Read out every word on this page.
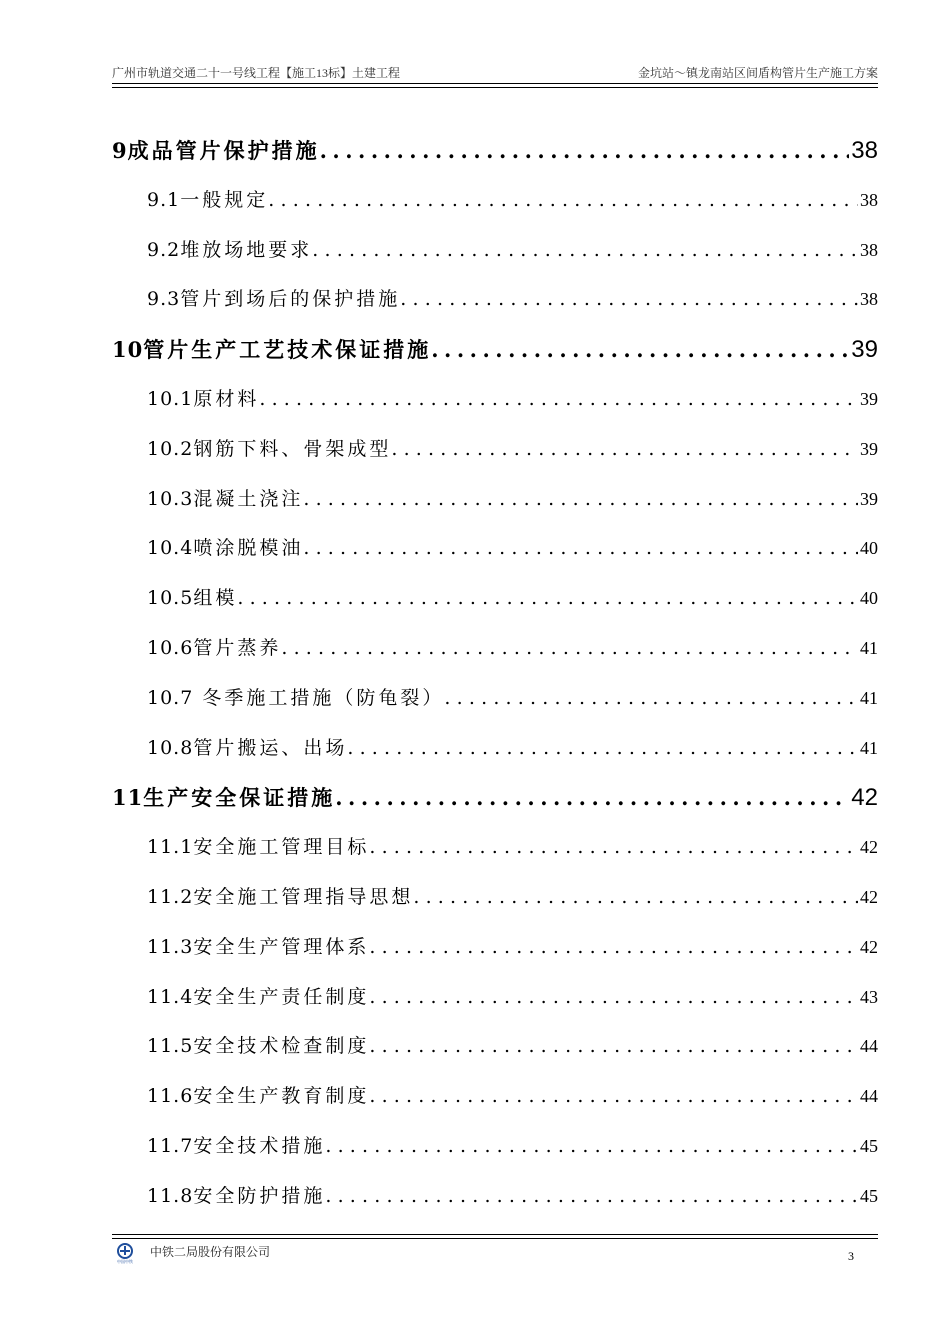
广州市轨道交通二十一号线工程【施工13标】土建工程	金坑站～镇龙南站区间盾构管片生产施工方案
9成品管片保护措施 .....	38
9.1一般规定 .....	38
9.2堆放场地要求 .....	38
9.3管片到场后的保护措施 .....	38
10管片生产工艺技术保证措施 .....	39
10.1原材料 .....	39
10.2钢筋下料、骨架成型 .....	39
10.3混凝土浇注 .....	39
10.4喷涂脱模油 .....	40
10.5组模 .....	40
10.6管片蒸养 .....	41
10.7 冬季施工措施（防龟裂） .....	41
10.8管片搬运、出场 .....	41
11生产安全保证措施 .....	42
11.1安全施工管理目标 .....	42
11.2安全施工管理指导思想 .....	42
11.3安全生产管理体系 .....	42
11.4安全生产责任制度 .....	43
11.5安全技术检查制度 .....	44
11.6安全生产教育制度 .....	44
11.7安全技术措施 .....	45
11.8安全防护措施 .....	45
中国中铁
中铁二局股份有限公司	3
